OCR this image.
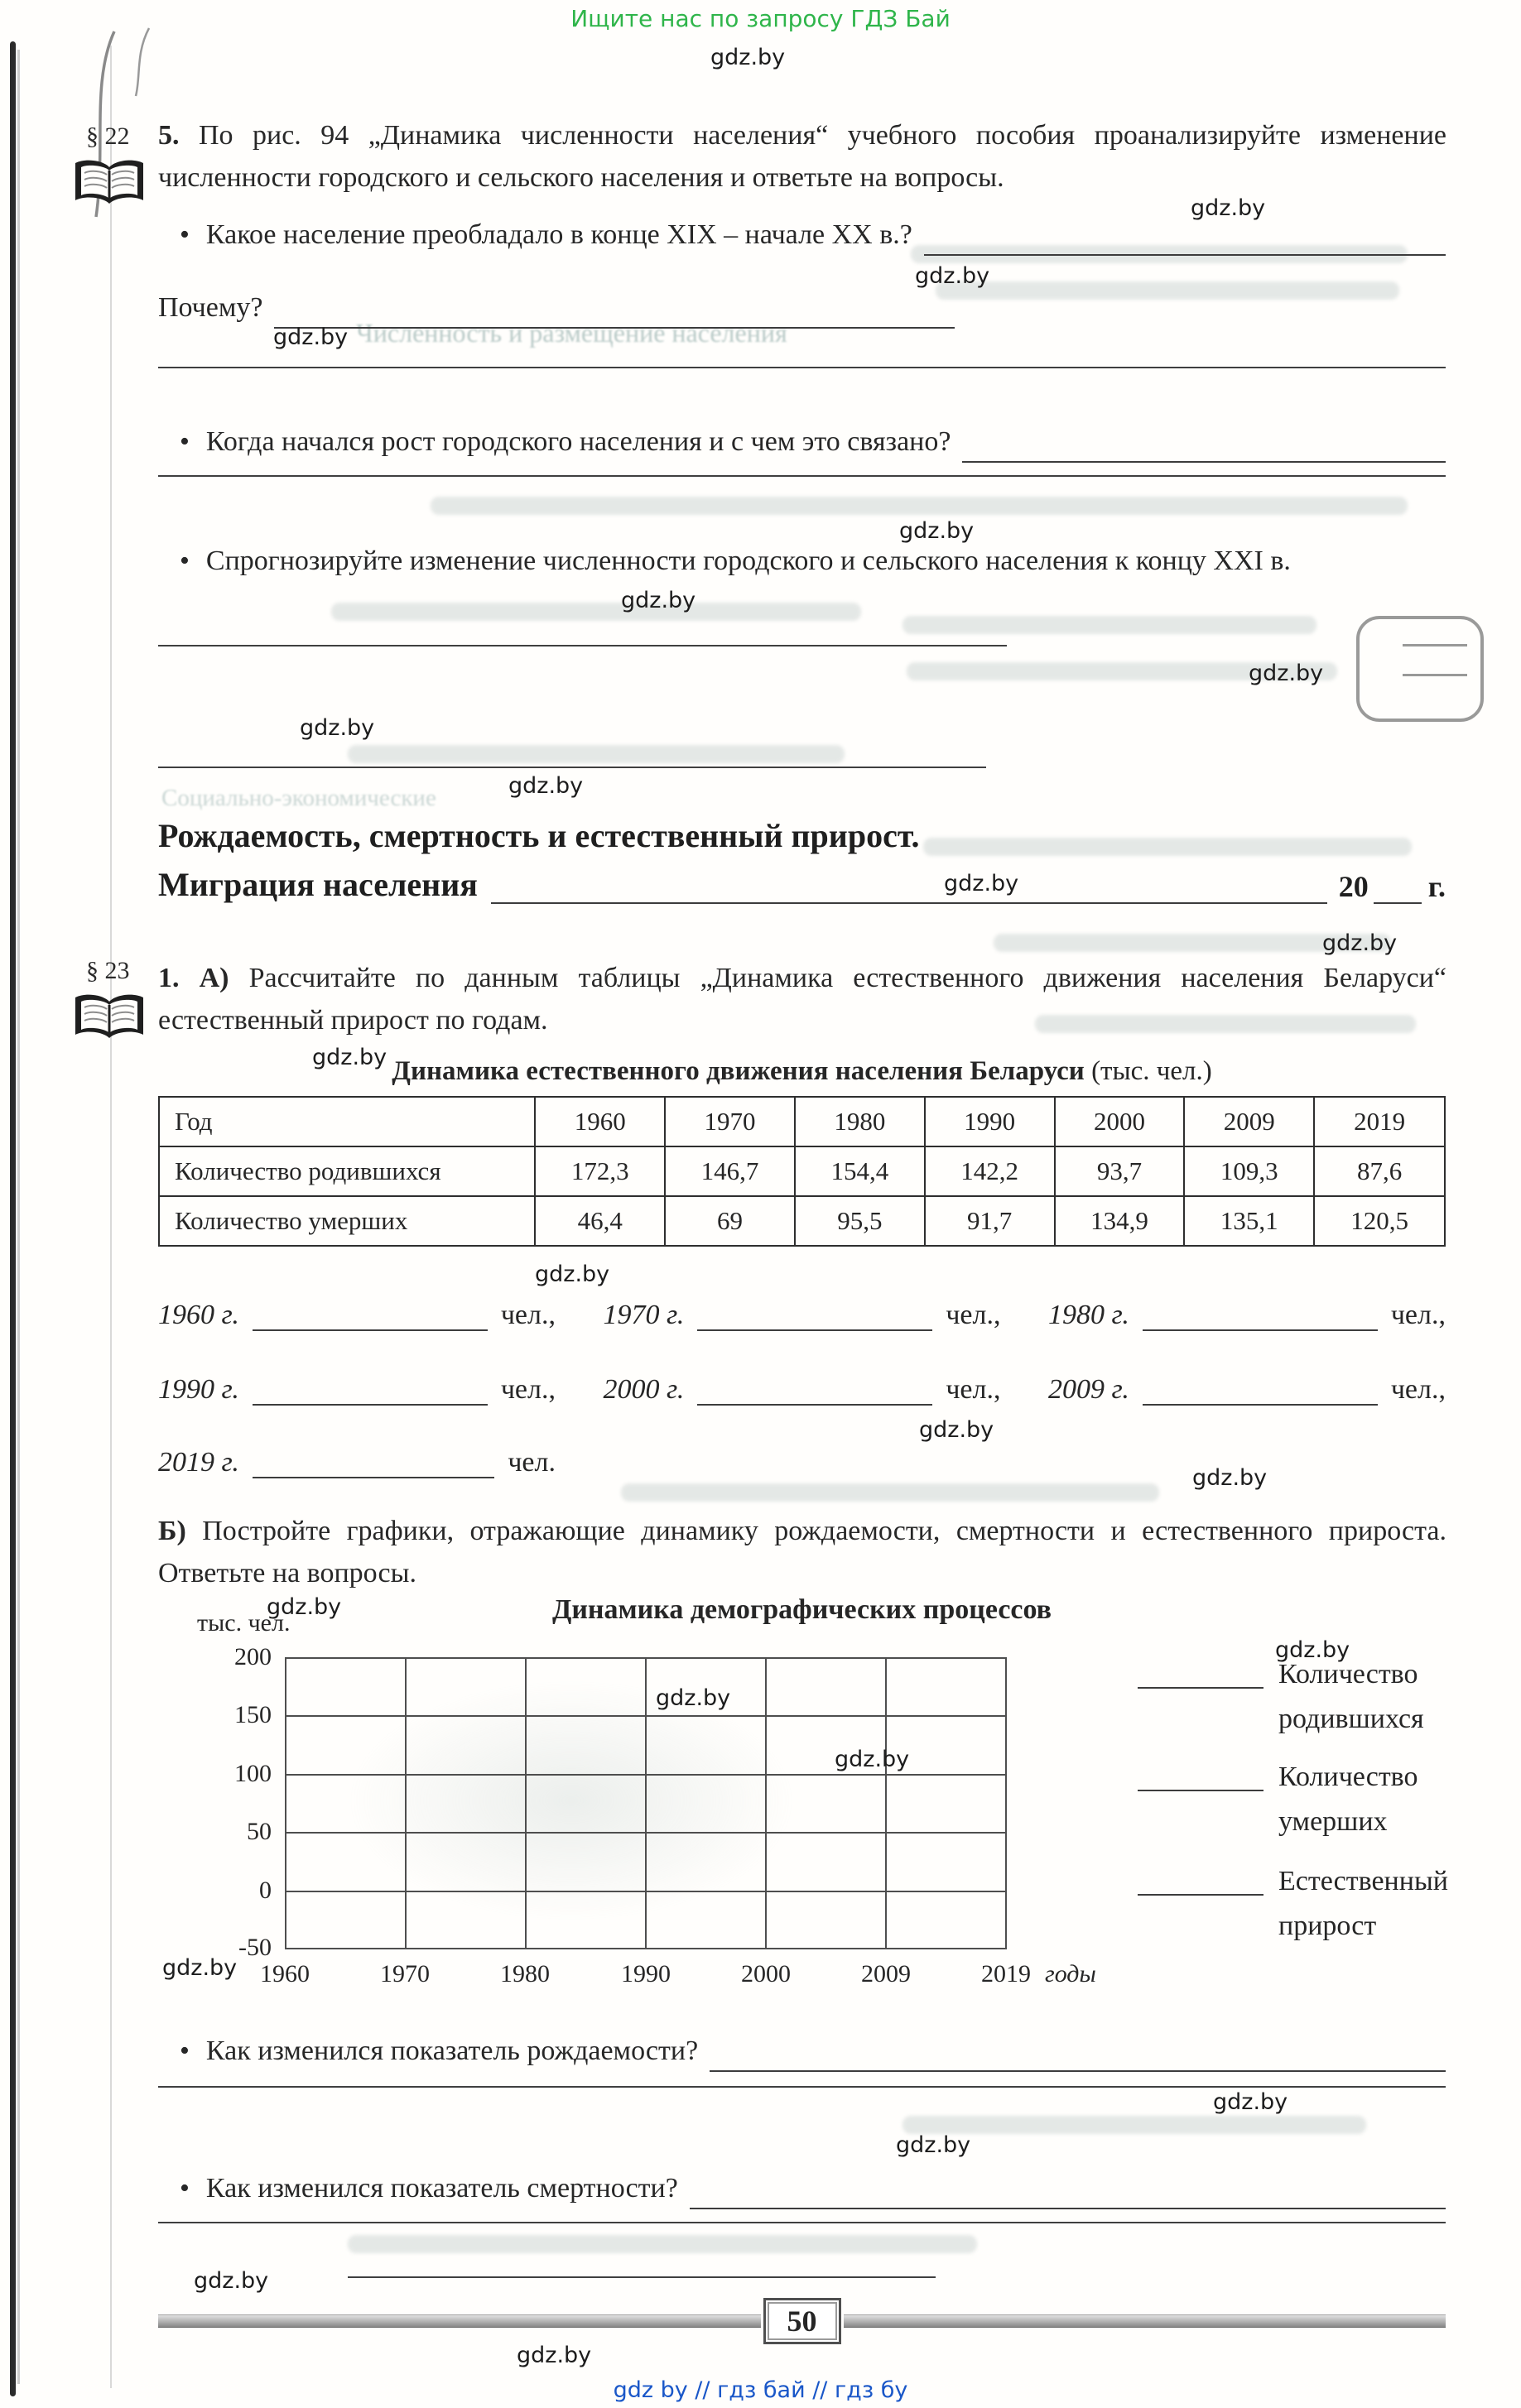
Численность и размещение населения
Социально-экономические
Ищите нас по запросу ГДЗ Бай
§ 22 5. По рис. 94 „Динамика численности населения“ учебного пособия проанализируйте изменение численности городского и сельского населения и ответьте на вопросы.
• Какое население преобладало в конце XIX – начале XX в.?
Почему?
• Когда начался рост городского населения и с чем это связано?
• Спрогнозируйте изменение численности городского и сельского населения к концу XXI в.
Рождаемость, смертность и естественный прирост.
Миграция населения	20 г.
§ 23 1. А) Рассчитайте по данным таблицы „Динамика естественного движения населения Беларуси“ естественный прирост по годам.
Динамика естественного движения населения Беларуси (тыс. чел.)
Год	1960	1970	1980	1990	2000	2009	2019
Количество родившихся	172,3	146,7	154,4	142,2	93,7	109,3	87,6
Количество умерших	46,4	69	95,5	91,7	134,9	135,1	120,5
1960 г.	чел., 1970 г.	чел., 1980 г.	чел.,
1990 г.	чел., 2000 г.	чел., 2009 г.	чел.,
2019 г.	чел.
Б) Постройте графики, отражающие динамику рождаемости, смертности и естественного прироста. Ответьте на вопросы.
Динамика демографических процессов
тыс. чел.
200
150
100
50
0
-50
1960	1970	1980	1990	2000	2009	2019 годы
Количество
родившихся
Количество
умерших
Естественный
прирост
• Как изменился показатель рождаемости?
• Как изменился показатель смертности?
50
gdz by // гдз бай // гдз бу
gdz.by
gdz.by
gdz.by
gdz.by
gdz.by
gdz.by
gdz.by
gdz.by
gdz.by
gdz.by
gdz.by
gdz.by
gdz.by
gdz.by
gdz.by
gdz.by
gdz.by
gdz.by
gdz.by
gdz.by
gdz.by
gdz.by
gdz.by
gdz.by
